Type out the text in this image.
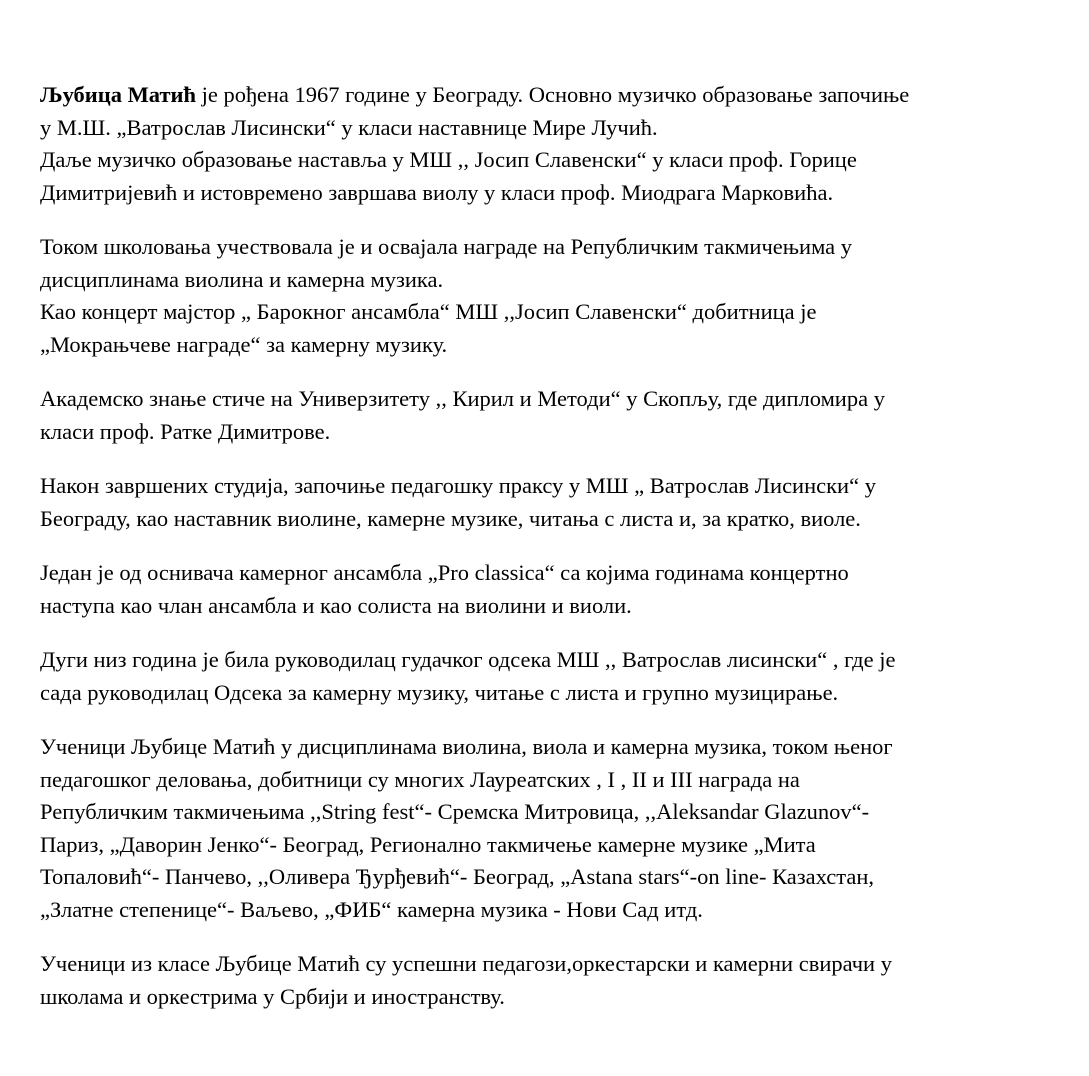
Љубица Матић је рођена 1967 године у Београду. Основно музичко образовање започиње
у М.Ш. „Ватрослав Лисински“ у класи наставнице Мире Лучић.
Даље музичко образовање наставља у МШ ,, Јосип Славенски“ у класи проф. Горице
Димитријевић и истовремено завршава виолу у класи проф. Миодрага Марковића.

Током школовања учествовала је и освајала награде на Републичким такмичењима у
дисциплинама виолина и камерна музика.
Као концерт мајстор „ Барокног ансамбла“ МШ ,,Јосип Славенски“ добитница је
„Мокрањчеве награде“ за камерну музику.

Академско знање стиче на Универзитету ,, Кирил и Методи“ у Скопљу, где дипломира у
класи проф. Ратке Димитрове.

Након завршених студија, започиње педагошку праксу у МШ „ Ватрослав Лисински“ у
Београду, као наставник виолине, камерне музике, читања с листа и, за кратко, виоле.

Један је од оснивача камерног ансамбла „Pro classica“ са којима годинама концертно
наступа као члан ансамбла и као солиста на виолини и виоли.

Дуги низ година је била руководилац гудачког одсека МШ ,, Ватрослав лисински“ , где је
сада руководилац Одсека за камерну музику, читање с листа и групно музицирање.

Ученици Љубице Матић у дисциплинама виолина, виола и камерна музика, током њеног
педагошког деловања, добитници су многих Лауреатских , I , II и III награда на
Републичким такмичењима ,,String fest“- Сремска Митровица, ,,Aleksandar Glazunov“-
Париз, „Даворин Јенко“- Београд, Регионално такмичење камерне музике „Мита
Топаловић“- Панчево, ,,Оливера Ђурђевић“- Београд, „Astana stars“-on line- Казахстан,
„Златне степенице“- Ваљево, „ФИБ“ камерна музика - Нови Сад итд.

Ученици из класе Љубице Матић су успешни педагози,оркестарски и камерни свирачи у
школама и оркестрима у Србији и иностранству.
